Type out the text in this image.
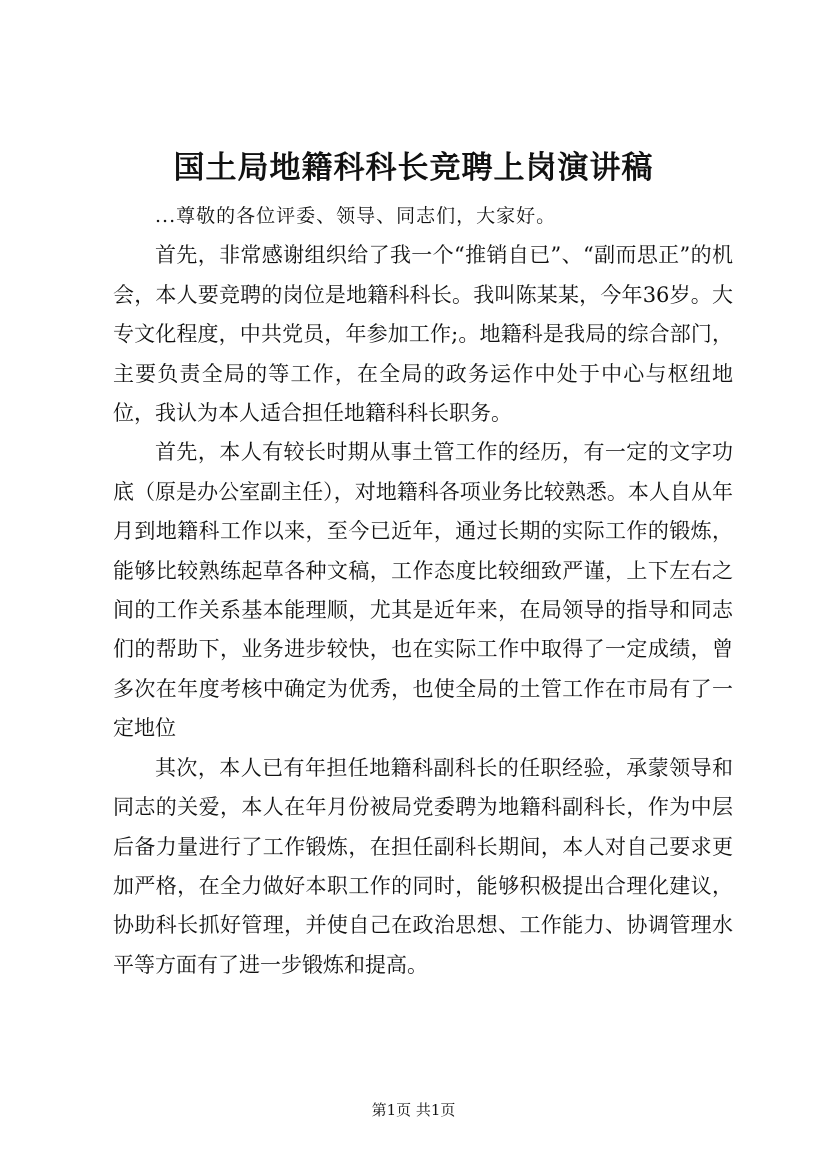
国土局地籍科科长竞聘上岗演讲稿

...尊敬的各位评委、领导、同志们，大家好。

首先，非常感谢组织给了我一个“推销自已”、“副而思正”的机会，本人要竞聘的岗位是地籍科科长。我叫陈某某，今年36岁。大专文化程度，中共党员，年参加工作;。地籍科是我局的综合部门，主要负责全局的等工作，在全局的政务运作中处于中心与枢纽地位，我认为本人适合担任地籍科科长职务。

首先，本人有较长时期从事土管工作的经历，有一定的文字功底（原是办公室副主任），对地籍科各项业务比较熟悉。本人自从年月到地籍科工作以来，至今已近年，通过长期的实际工作的锻炼，能够比较熟练起草各种文稿，工作态度比较细致严谨，上下左右之间的工作关系基本能理顺，尤其是近年来，在局领导的指导和同志们的帮助下，业务进步较快，也在实际工作中取得了一定成绩，曾多次在年度考核中确定为优秀，也使全局的土管工作在市局有了一定地位

其次，本人已有年担任地籍科副科长的任职经验，承蒙领导和同志的关爱，本人在年月份被局党委聘为地籍科副科长，作为中层后备力量进行了工作锻炼，在担任副科长期间，本人对自己要求更加严格，在全力做好本职工作的同时，能够积极提出合理化建议，协助科长抓好管理，并使自己在政治思想、工作能力、协调管理水平等方面有了进一步锻炼和提高。

第1页 共1页
